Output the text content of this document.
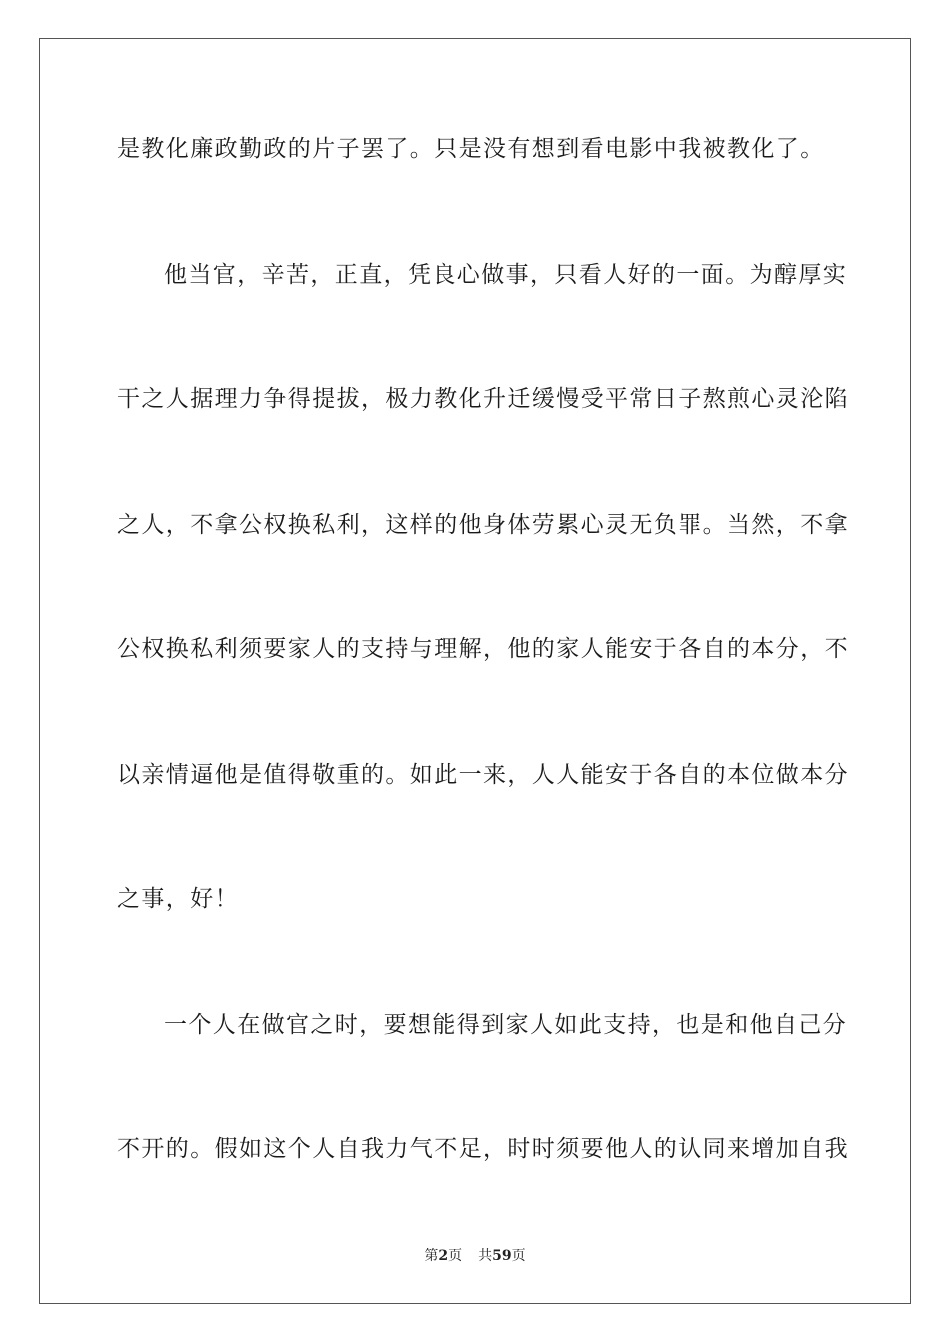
是教化廉政勤政的片子罢了。只是没有想到看电影中我被教化了。
他当官，辛苦，正直，凭良心做事，只看人好的一面。为醇厚实
干之人据理力争得提拔，极力教化升迁缓慢受平常日子熬煎心灵沦陷
之人，不拿公权换私利，这样的他身体劳累心灵无负罪。当然，不拿
公权换私利须要家人的支持与理解，他的家人能安于各自的本分，不
以亲情逼他是值得敬重的。如此一来，人人能安于各自的本位做本分
之事，好！
一个人在做官之时，要想能得到家人如此支持，也是和他自己分
不开的。假如这个人自我力气不足，时时须要他人的认同来增加自我
第2页 共59页
